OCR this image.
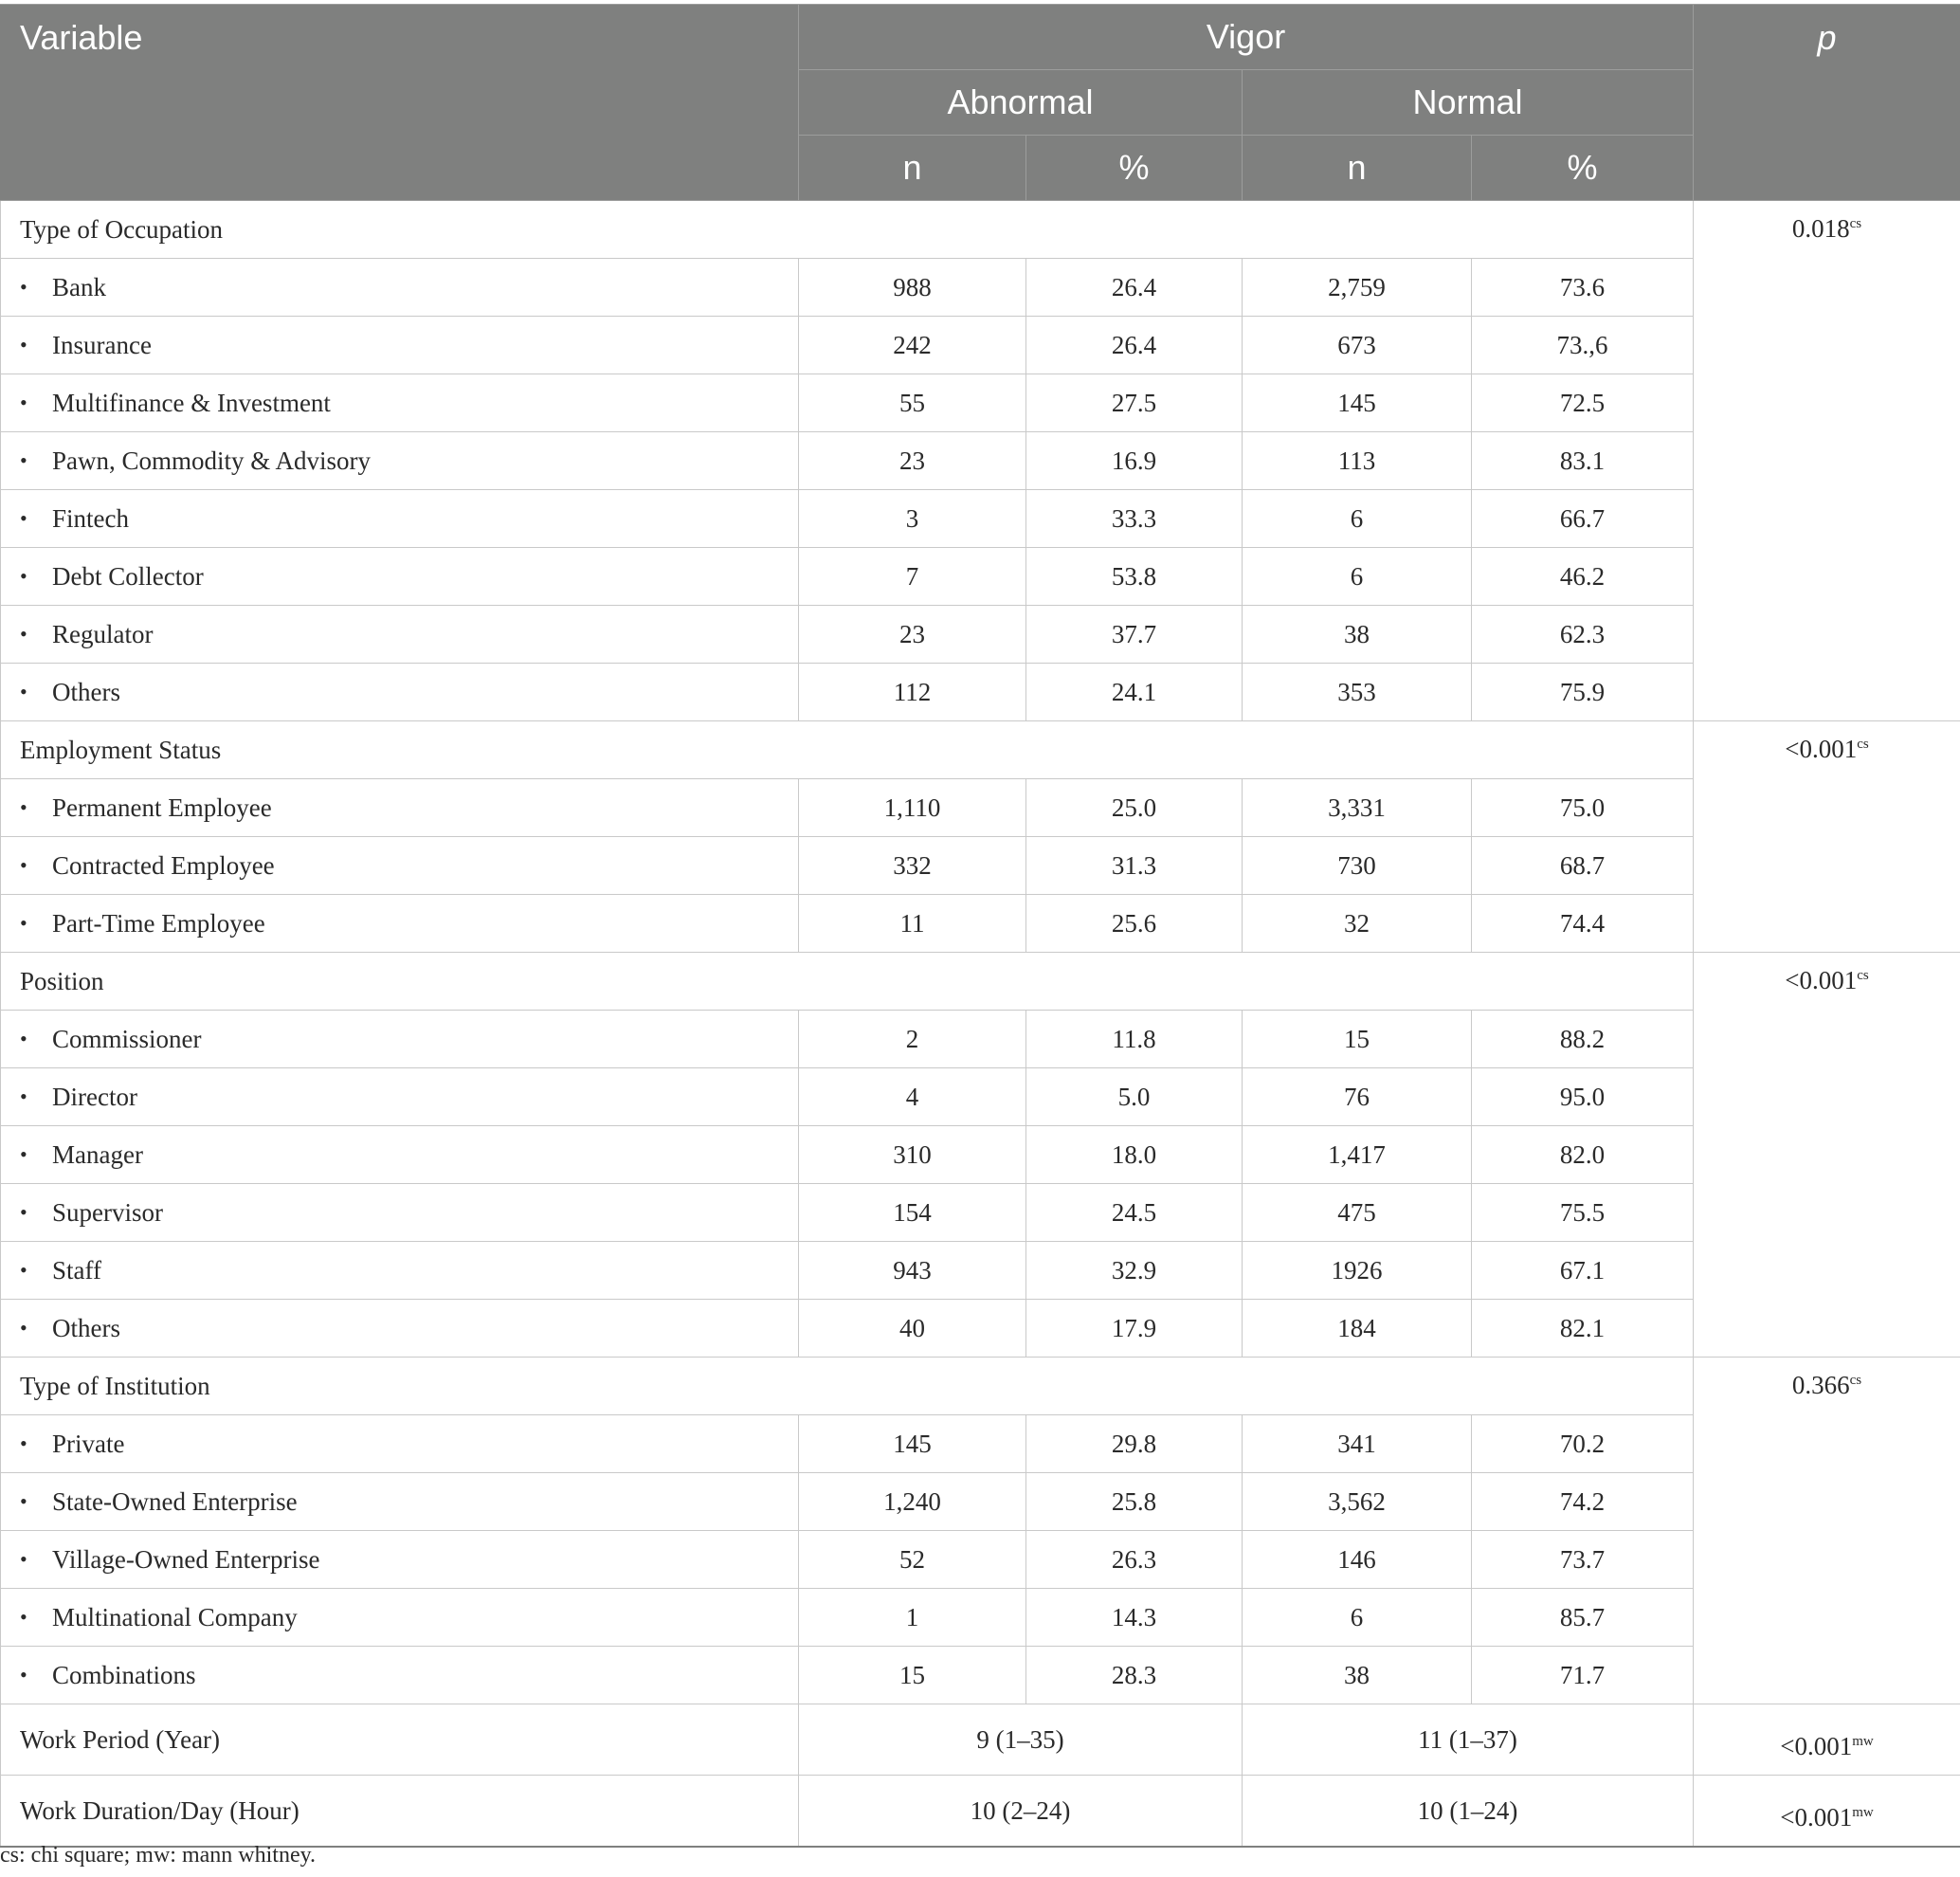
Variable	Vigor				p
	Abnormal		Normal		
	n	%	n	%	
Type of Occupation					$0.018^{cs}$
• Bank	988	26.4	2,759	73.6	
• Insurance	242	26.4	673	73.,6	
• Multifinance & Investment	55	27.5	145	72.5	
• Pawn, Commodity & Advisory	23	16.9	113	83.1	
• Fintech	3	33.3	6	66.7	
• Debt Collector	7	53.8	6	46.2	
• Regulator	23	37.7	38	62.3	
• Others	112	24.1	353	75.9	
Employment Status					$<0.001^{cs}$
• Permanent Employee	1,110	25.0	3,331	75.0	
• Contracted Employee	332	31.3	730	68.7	
• Part-Time Employee	11	25.6	32	74.4	
Position					$<0.001^{cs}$
• Commissioner	2	11.8	15	88.2	
• Director	4	5.0	76	95.0	
• Manager	310	18.0	1,417	82.0	
• Supervisor	154	24.5	475	75.5	
• Staff	943	32.9	1926	67.1	
• Others	40	17.9	184	82.1	
Type of Institution					$0.366^{cs}$
• Private	145	29.8	341	70.2	
• State-Owned Enterprise	1,240	25.8	3,562	74.2	
• Village-Owned Enterprise	52	26.3	146	73.7	
• Multinational Company	1	14.3	6	85.7	
• Combinations	15	28.3	38	71.7	
Work Period (Year)	9 (1–35)		11 (1–37)		$<0.001^{mw}$
Work Duration/Day (Hour)	10 (2–24)		10 (1–24)		$<0.001^{mw}$
cs: chi square; mw: mann whitney.
